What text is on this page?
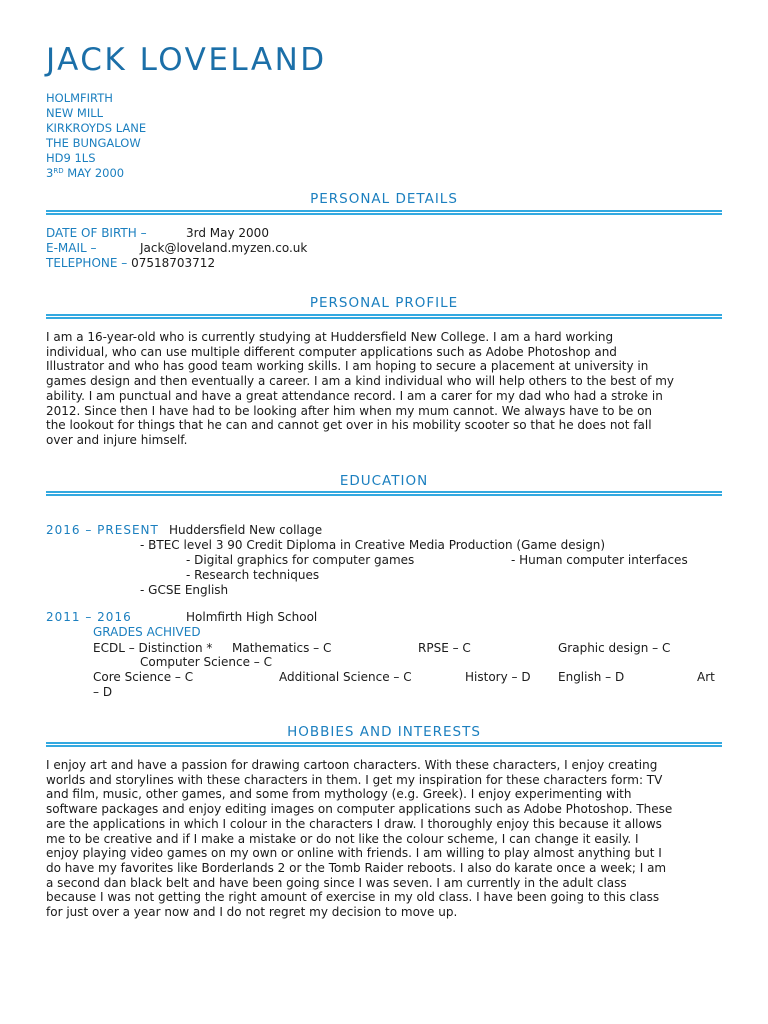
JACK LOVELAND
HOLMFIRTH
NEW MILL
KIRKROYDS LANE
THE BUNGALOW
HD9 1LS
3RD MAY 2000
PERSONAL DETAILS
DATE OF BIRTH –	3rd May 2000
E-MAIL –	Jack@loveland.myzen.co.uk
TELEPHONE – 07518703712
PERSONAL PROFILE
I am a 16-year-old who is currently studying at Huddersfield New College. I am a hard working
individual, who can use multiple different computer applications such as Adobe Photoshop and
Illustrator and who has good team working skills. I am hoping to secure a placement at university in
games design and then eventually a career. I am a kind individual who will help others to the best of my
ability. I am punctual and have a great attendance record. I am a carer for my dad who had a stroke in
2012. Since then I have had to be looking after him when my mum cannot. We always have to be on
the lookout for things that he can and cannot get over in his mobility scooter so that he does not fall
over and injure himself.
EDUCATION
2016 – PRESENT Huddersfield New collage
- BTEC level 3 90 Credit Diploma in Creative Media Production (Game design)
- Digital graphics for computer games	- Human computer interfaces
- Research techniques
- GCSE English
2011 – 2016	Holmfirth High School
GRADES ACHIVED
ECDL – Distinction * Mathematics – C	RPSE – C	Graphic design – C
Computer Science – C
Core Science – C	Additional Science – C	History – D English – D	Art
– D
HOBBIES AND INTERESTS
I enjoy art and have a passion for drawing cartoon characters. With these characters, I enjoy creating
worlds and storylines with these characters in them. I get my inspiration for these characters form: TV
and film, music, other games, and some from mythology (e.g. Greek). I enjoy experimenting with
software packages and enjoy editing images on computer applications such as Adobe Photoshop. These
are the applications in which I colour in the characters I draw. I thoroughly enjoy this because it allows
me to be creative and if I make a mistake or do not like the colour scheme, I can change it easily. I
enjoy playing video games on my own or online with friends. I am willing to play almost anything but I
do have my favorites like Borderlands 2 or the Tomb Raider reboots. I also do karate once a week; I am
a second dan black belt and have been going since I was seven. I am currently in the adult class
because I was not getting the right amount of exercise in my old class. I have been going to this class
for just over a year now and I do not regret my decision to move up.
